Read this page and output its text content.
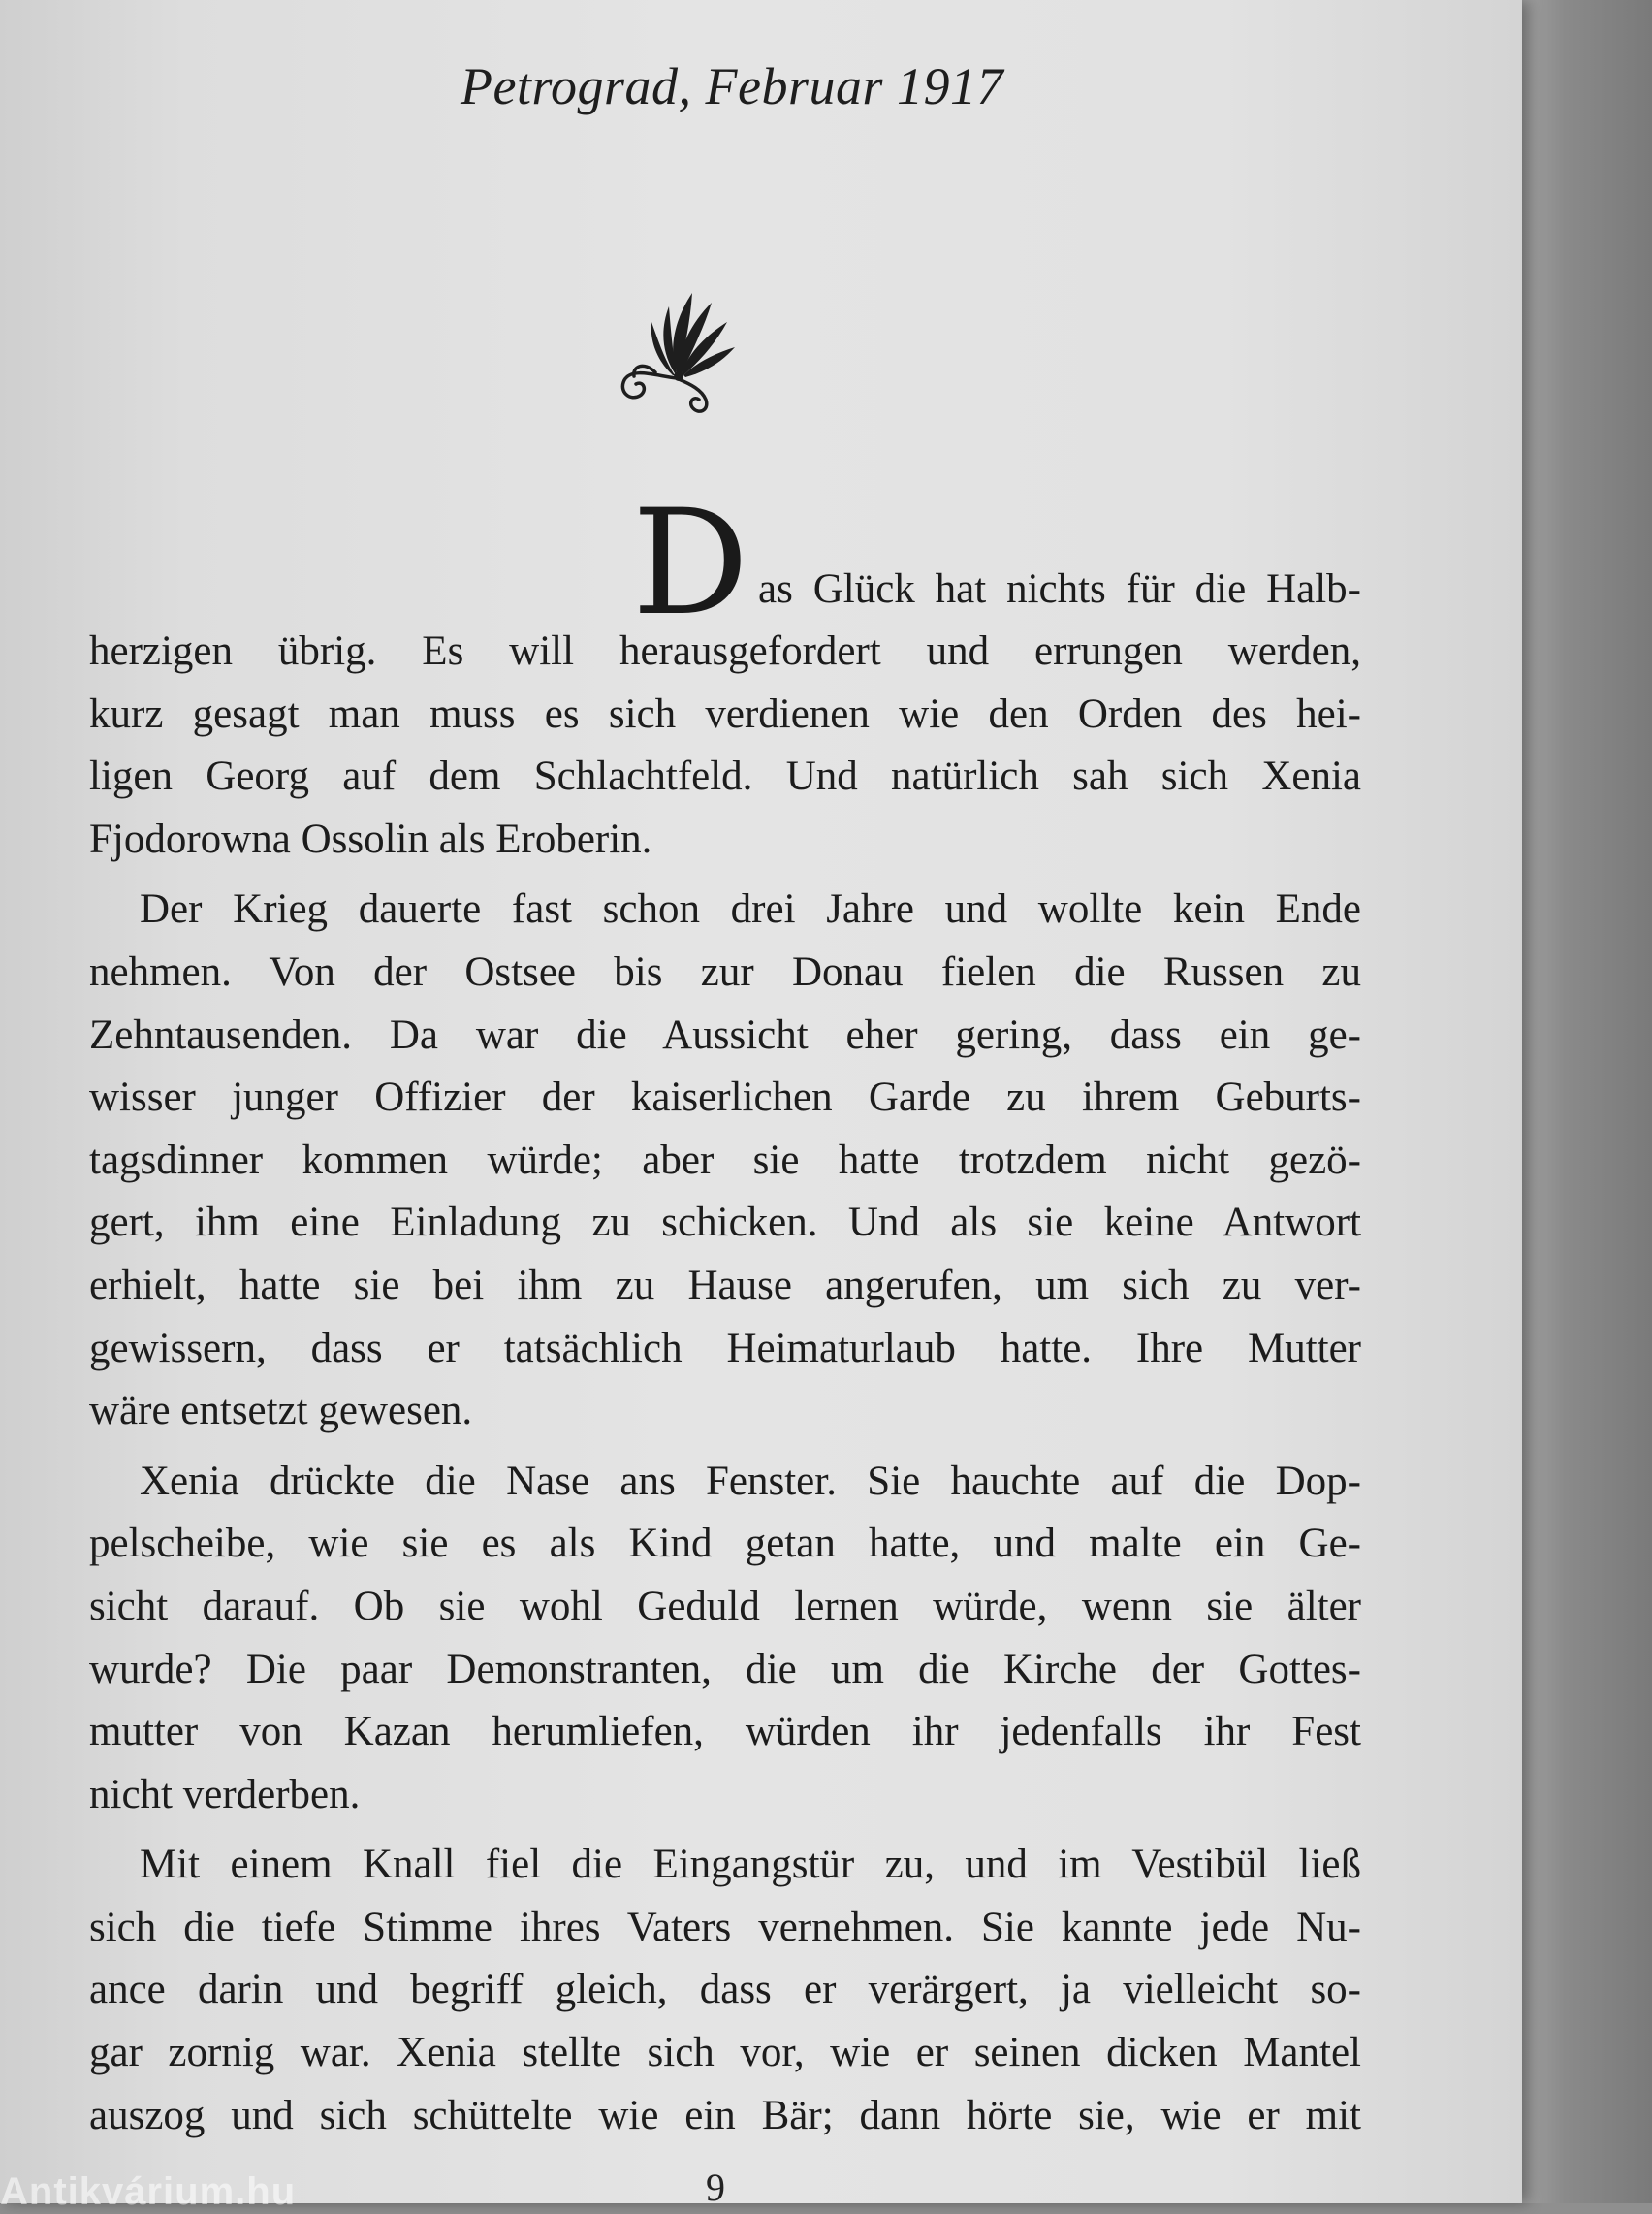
Petrograd, Februar 1917
D as Glück hat nichts für die Halb-
herzigen übrig. Es will herausgefordert und errungen werden,
kurz gesagt man muss es sich verdienen wie den Orden des hei-
ligen Georg auf dem Schlachtfeld. Und natürlich sah sich Xenia
Fjodorowna Ossolin als Eroberin.
Der Krieg dauerte fast schon drei Jahre und wollte kein Ende
nehmen. Von der Ostsee bis zur Donau fielen die Russen zu
Zehntausenden. Da war die Aussicht eher gering, dass ein ge-
wisser junger Offizier der kaiserlichen Garde zu ihrem Geburts-
tagsdinner kommen würde; aber sie hatte trotzdem nicht gezö-
gert, ihm eine Einladung zu schicken. Und als sie keine Antwort
erhielt, hatte sie bei ihm zu Hause angerufen, um sich zu ver-
gewissern, dass er tatsächlich Heimaturlaub hatte. Ihre Mutter
wäre entsetzt gewesen.
Xenia drückte die Nase ans Fenster. Sie hauchte auf die Dop-
pelscheibe, wie sie es als Kind getan hatte, und malte ein Ge-
sicht darauf. Ob sie wohl Geduld lernen würde, wenn sie älter
wurde? Die paar Demonstranten, die um die Kirche der Gottes-
mutter von Kazan herumliefen, würden ihr jedenfalls ihr Fest
nicht verderben.
Mit einem Knall fiel die Eingangstür zu, und im Vestibül ließ
sich die tiefe Stimme ihres Vaters vernehmen. Sie kannte jede Nu-
ance darin und begriff gleich, dass er verärgert, ja vielleicht so-
gar zornig war. Xenia stellte sich vor, wie er seinen dicken Mantel
auszog und sich schüttelte wie ein Bär; dann hörte sie, wie er mit
9
Antikvárium.hu
